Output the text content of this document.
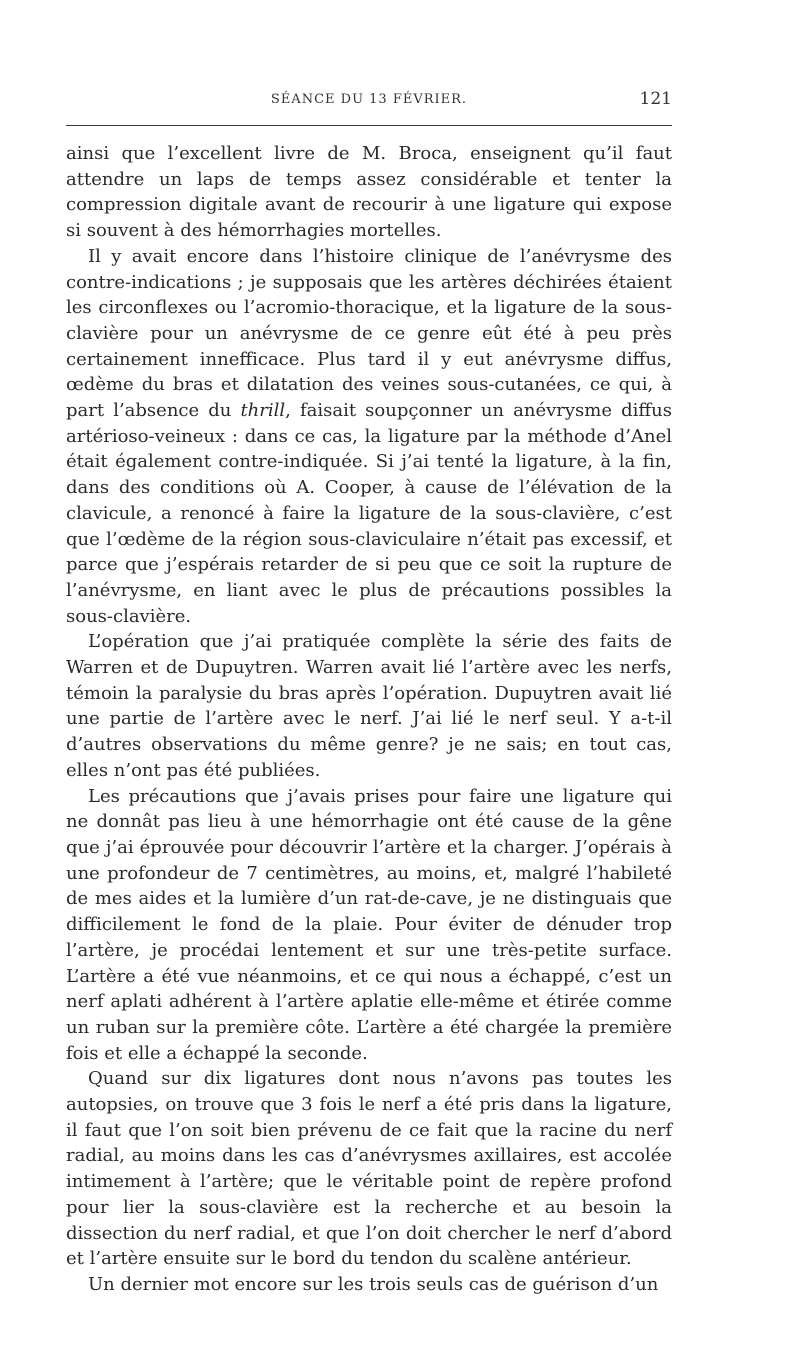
SÉANCE DU 13 FÉVRIER.	121

ainsi que l’excellent livre de M. Broca, enseignent qu’il faut attendre un laps de temps assez considérable et tenter la compression digitale avant de recourir à une ligature qui expose si souvent à des hémorrhagies mortelles.

Il y avait encore dans l’histoire clinique de l’anévrysme des contre-indications ; je supposais que les artères déchirées étaient les circonflexes ou l’acromio-thoracique, et la ligature de la sous-clavière pour un anévrysme de ce genre eût été à peu près certainement innefficace. Plus tard il y eut anévrysme diffus, œdème du bras et dilatation des veines sous-cutanées, ce qui, à part l’absence du thrill, faisait soupçonner un anévrysme diffus artérioso-veineux : dans ce cas, la ligature par la méthode d’Anel était également contre-indiquée. Si j’ai tenté la ligature, à la fin, dans des conditions où A. Cooper, à cause de l’élévation de la clavicule, a renoncé à faire la ligature de la sous-clavière, c’est que l’œdème de la région sous-claviculaire n’était pas excessif, et parce que j’espérais retarder de si peu que ce soit la rupture de l’anévrysme, en liant avec le plus de précautions possibles la sous-clavière.

L’opération que j’ai pratiquée complète la série des faits de Warren et de Dupuytren. Warren avait lié l’artère avec les nerfs, témoin la paralysie du bras après l’opération. Dupuytren avait lié une partie de l’artère avec le nerf. J’ai lié le nerf seul. Y a-t-il d’autres observations du même genre? je ne sais; en tout cas, elles n’ont pas été publiées.

Les précautions que j’avais prises pour faire une ligature qui ne donnât pas lieu à une hémorrhagie ont été cause de la gêne que j’ai éprouvée pour découvrir l’artère et la charger. J’opérais à une profondeur de 7 centimètres, au moins, et, malgré l’habileté de mes aides et la lumière d’un rat-de-cave, je ne distinguais que difficilement le fond de la plaie. Pour éviter de dénuder trop l’artère, je procédai lentement et sur une très-petite surface. L’artère a été vue néanmoins, et ce qui nous a échappé, c’est un nerf aplati adhérent à l’artère aplatie elle-même et étirée comme un ruban sur la première côte. L’artère a été chargée la première fois et elle a échappé la seconde.

Quand sur dix ligatures dont nous n’avons pas toutes les autopsies, on trouve que 3 fois le nerf a été pris dans la ligature, il faut que l’on soit bien prévenu de ce fait que la racine du nerf radial, au moins dans les cas d’anévrysmes axillaires, est accolée intimement à l’artère; que le véritable point de repère profond pour lier la sous-clavière est la recherche et au besoin la dissection du nerf radial, et que l’on doit chercher le nerf d’abord et l’artère ensuite sur le bord du tendon du scalène antérieur.

Un dernier mot encore sur les trois seuls cas de guérison d’un
